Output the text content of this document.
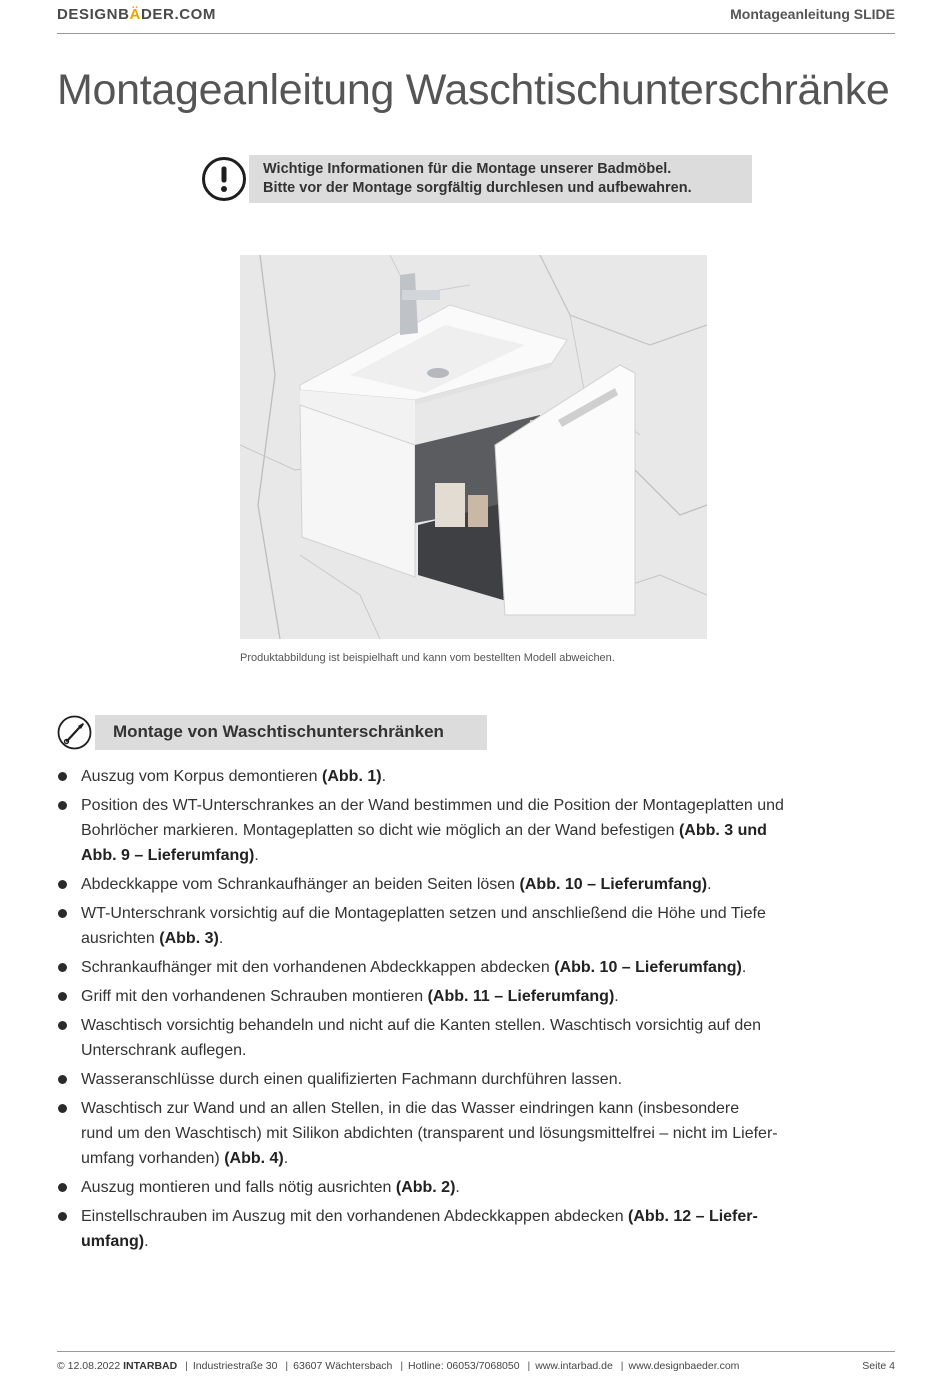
DESIGNBÄDER.COM	Montageanleitung SLIDE
Montageanleitung Waschtischunterschränke
Wichtige Informationen für die Montage unserer Badmöbel.
Bitte vor der Montage sorgfältig durchlesen und aufbewahren.
Produktabbildung ist beispielhaft und kann vom bestellten Modell abweichen.
Montage von Waschtischunterschränken
Auszug vom Korpus demontieren (Abb. 1).
Position des WT-Unterschrankes an der Wand bestimmen und die Position der Montageplatten und
Bohrlöcher markieren. Montageplatten so dicht wie möglich an der Wand befestigen (Abb. 3 und
Abb. 9 – Lieferumfang).
Abdeckkappe vom Schrankaufhänger an beiden Seiten lösen (Abb. 10 – Lieferumfang).
WT-Unterschrank vorsichtig auf die Montageplatten setzen und anschließend die Höhe und Tiefe
ausrichten (Abb. 3).
Schrankaufhänger mit den vorhandenen Abdeckkappen abdecken (Abb. 10 – Lieferumfang).
Griff mit den vorhandenen Schrauben montieren (Abb. 11 – Lieferumfang).
Waschtisch vorsichtig behandeln und nicht auf die Kanten stellen. Waschtisch vorsichtig auf den
Unterschrank auflegen.
Wasseranschlüsse durch einen qualifizierten Fachmann durchführen lassen.
Waschtisch zur Wand und an allen Stellen, in die das Wasser eindringen kann (insbesondere
rund um den Waschtisch) mit Silikon abdichten (transparent und lösungsmittelfrei – nicht im Liefer-
umfang vorhanden) (Abb. 4).
Auszug montieren und falls nötig ausrichten (Abb. 2).
Einstellschrauben im Auszug mit den vorhandenen Abdeckkappen abdecken (Abb. 12 – Liefer-
umfang).
© 12.08.2022 INTARBAD | Industriestraße 30 | 63607 Wächtersbach | Hotline: 06053/7068050 | www.intarbad.de | www.designbaeder.com	Seite 4
